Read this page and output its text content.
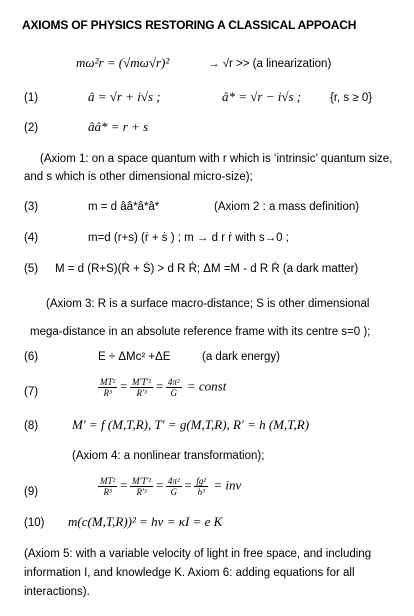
AXIOMS OF PHYSICS RESTORING A CLASSICAL APPOACH
mω²r = (√mω√r)²	→ √r >> (a linearization)
(1)	â = √r + i√s ;	â* = √r − i√s ;	{r, s ≥ 0}
(2)	ââ* = r + s
(Axiom 1: on a space quantum with r which is ‘intrinsic’ quantum size, and s which is other dimensional micro-size);
(3)	m = d ââ*â*â*	(Axiom 2 : a mass definition)
(4)	m=d (r+s) (ṙ + ṡ ) ; m → d r ṙ with s→0 ;
(5) M = d (R+S)(Ṙ + Ṡ) > d R Ṙ; ΔM =M - d R Ṙ (a dark matter)
(Axiom 3: R is a surface macro-distance; S is other dimensional mega-distance in an absolute reference frame with its centre s=0 );
(6)	E ÷ ΔMc² +ΔE	(a dark energy)
(7)	$\frac{\text{MT²}}{\text{R³}} = \frac{\text{M′T′²}}{\text{R′³}} = \frac{\text{4π²}}{G}$ = const
(8)	M′ = f (M,T,R), T′ = g(M,T,R), R′ = h (M,T,R)
(Axiom 4: a nonlinear transformation);
(9)	$\frac{\text{MT²}}{\text{R³}} = \frac{\text{M′T′²}}{\text{R′³}} = \frac{\text{4π²}}{G} = \frac{\text{fg²}}{\text{h³}}$ = inv
(10) m(c(M,T,R))² = hν = κI = e K
(Axiom 5: with a variable velocity of light in free space, and including information I, and knowledge K. Axiom 6: adding equations for all interactions).
